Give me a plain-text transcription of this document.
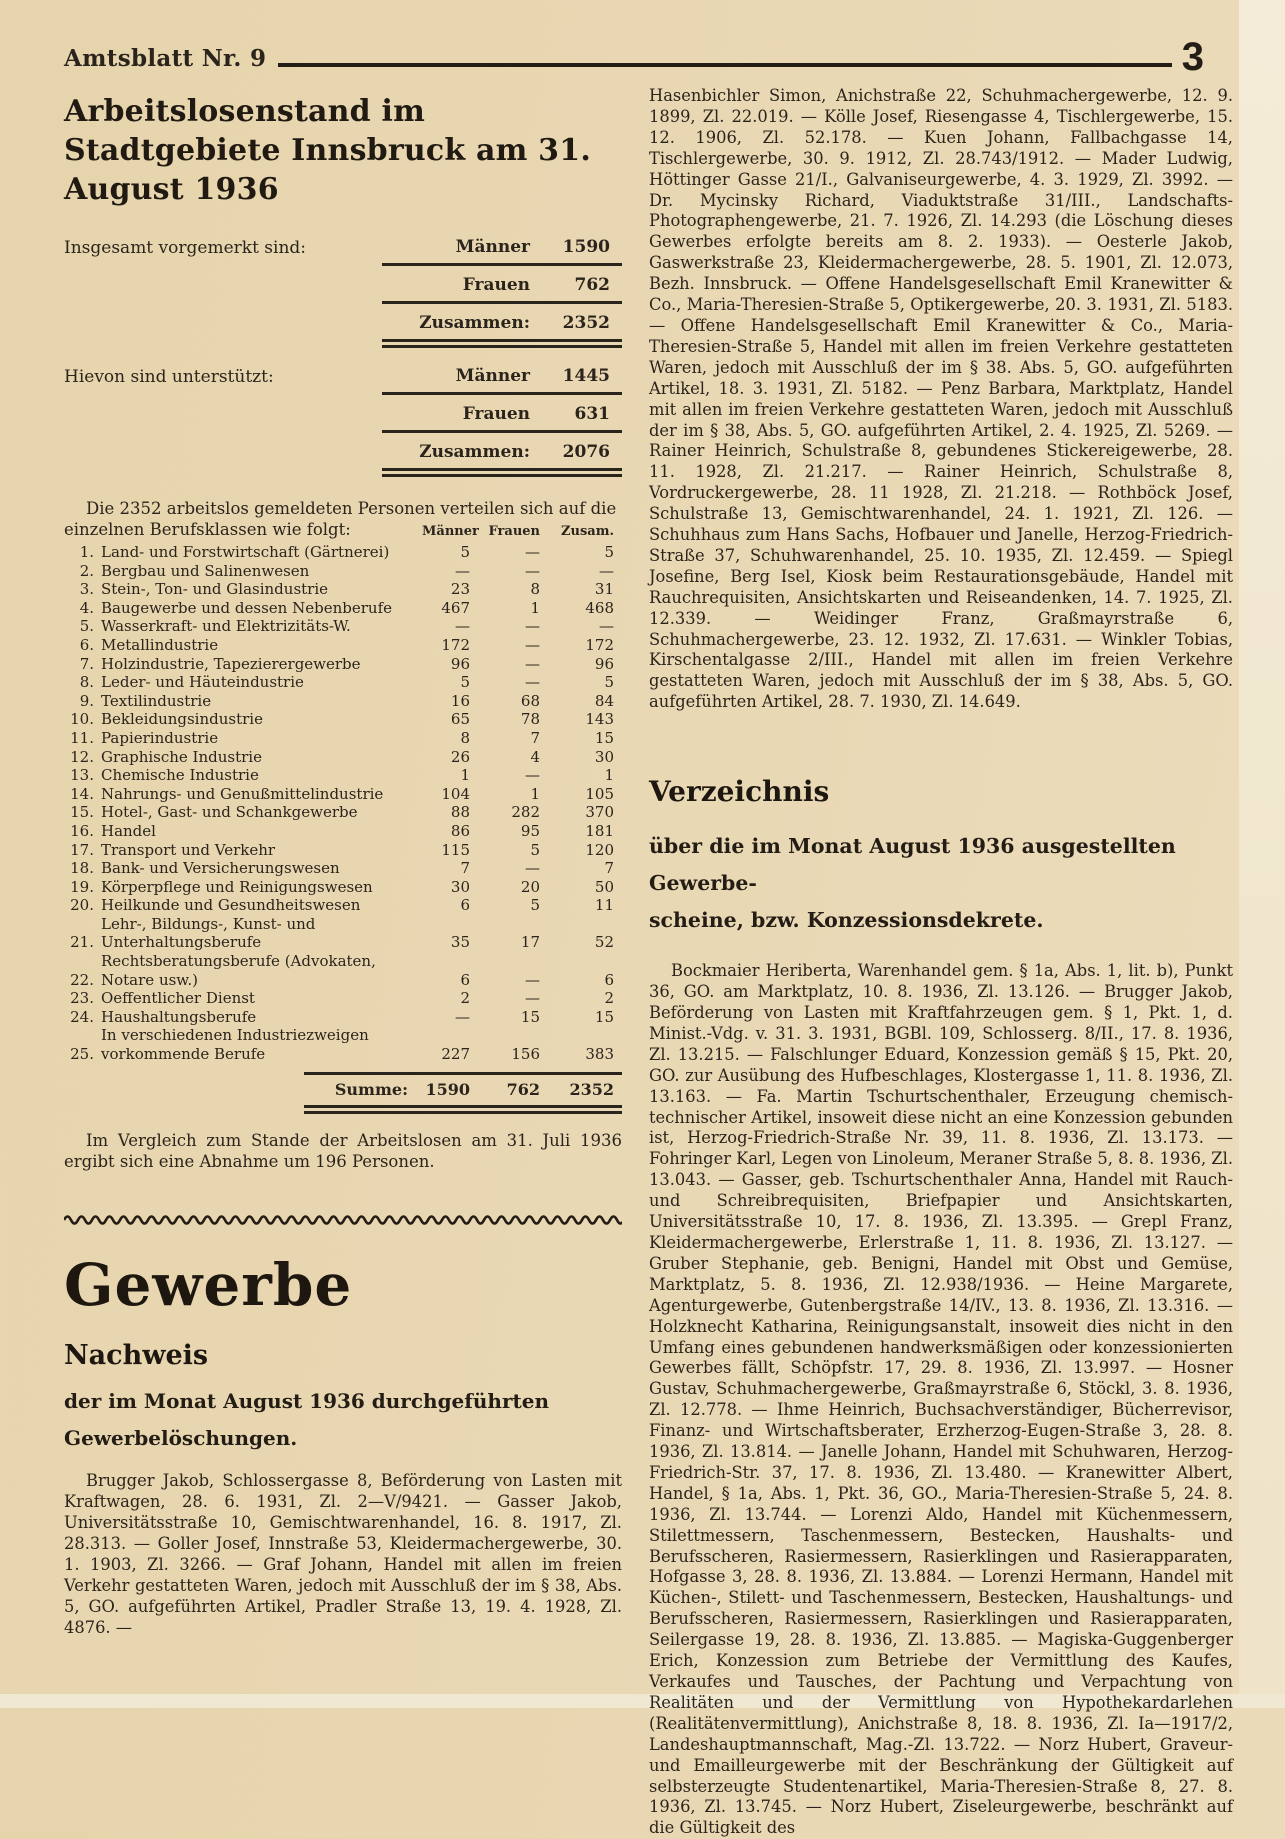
Amtsblatt Nr. 9	3
Arbeitslosenstand im
Stadtgebiete Innsbruck am 31. August 1936
Insgesamt vorgemerkt sind:	Männer 1590
Frauen	762
Zusammen: 2352
Hievon sind unterstützt:	Männer 1445
Frauen	631
Zusammen: 2076

Die 2352 arbeitslos gemeldeten Personen verteilen sich auf die

einzelnen Berufsklassen wie folgt:	Männer Frauen	Zusam.
1. Land- und Forstwirtschaft (Gärtnerei)	5	—	5
2. Bergbau und Salinenwesen	—	—	—
3. Stein-, Ton- und Glasindustrie	23	8	31
4. Baugewerbe und dessen Nebenberufe	467	1	468
5. Wasserkraft- und Elektrizitäts-W.	—	—	—
6. Metallindustrie	172	—	172
7. Holzindustrie, Tapezierergewerbe	96	—	96
8. Leder- und Häuteindustrie	5	—	5
9. Textilindustrie	16	68	84
10. Bekleidungsindustrie	65	78	143
11. Papierindustrie	8	7	15
12. Graphische Industrie	26	4	30
13. Chemische Industrie	1	—	1
14. Nahrungs- und Genußmittelindustrie	104	1	105
15. Hotel-, Gast- und Schankgewerbe	88	282	370
16. Handel	86	95	181
17. Transport und Verkehr	115	5	120
18. Bank- und Versicherungswesen	7	—	7
19. Körperpflege und Reinigungswesen	30	20	50
20. Heilkunde und Gesundheitswesen	6	5	11
21.
Lehr-, Bildungs-, Kunst- und Unterhaltungsberufe	35	17	52
22.
Rechtsberatungsberufe (Advokaten, Notare usw.)	6	—	6
23. Oeffentlicher Dienst	2	—	2
24. Haushaltungsberufe	—	15	15
25.
In verschiedenen Industriezweigen vorkommende Berufe	227	156	383
Summe:	1590	762	2352

Im Vergleich zum Stande der Arbeitslosen am 31. Juli 1936 ergibt sich eine Abnahme um 196 Personen.

Gewerbe
Nachweis
der im Monat August 1936 durchgeführten
Gewerbelöschungen.

Brugger Jakob, Schlossergasse 8, Beförderung von Lasten mit Kraftwagen, 28. 6. 1931, Zl. 2—V/9421. — Gasser Jakob, Universitätsstraße 10, Gemischtwarenhandel, 16. 8. 1917, Zl. 28.313. — Goller Josef, Innstraße 53, Kleidermachergewerbe, 30. 1. 1903, Zl. 3266. — Graf Johann, Handel mit allen im freien Verkehr gestatteten Waren, jedoch mit Ausschluß der im § 38, Abs. 5, GO. aufgeführten Artikel, Pradler Straße 13, 19. 4. 1928, Zl. 4876. —

Hasenbichler Simon, Anichstraße 22, Schuhmachergewerbe, 12. 9. 1899, Zl. 22.019. — Kölle Josef, Riesengasse 4, Tischlergewerbe, 15. 12. 1906, Zl. 52.178. — Kuen Johann, Fallbachgasse 14, Tischlergewerbe, 30. 9. 1912, Zl. 28.743/1912. — Mader Ludwig, Höttinger Gasse 21/I., Galvaniseurgewerbe, 4. 3. 1929, Zl. 3992. — Dr. Mycinsky Richard, Viaduktstraße 31/III., Landschafts-Photographengewerbe, 21. 7. 1926, Zl. 14.293 (die Löschung dieses Gewerbes erfolgte bereits am 8. 2. 1933). — Oesterle Jakob, Gaswerkstraße 23, Kleidermachergewerbe, 28. 5. 1901, Zl. 12.073, Bezh. Innsbruck. — Offene Handelsgesellschaft Emil Kranewitter & Co., Maria-Theresien-Straße 5, Optikergewerbe, 20. 3. 1931, Zl. 5183. — Offene Handelsgesellschaft Emil Kranewitter & Co., Maria-Theresien-Straße 5, Handel mit allen im freien Verkehre gestatteten Waren, jedoch mit Ausschluß der im § 38. Abs. 5, GO. aufgeführten Artikel, 18. 3. 1931, Zl. 5182. — Penz Barbara, Marktplatz, Handel mit allen im freien Verkehre gestatteten Waren, jedoch mit Ausschluß der im § 38, Abs. 5, GO. aufgeführten Artikel, 2. 4. 1925, Zl. 5269. — Rainer Heinrich, Schulstraße 8, gebundenes Stickereigewerbe, 28. 11. 1928, Zl. 21.217. — Rainer Heinrich, Schulstraße 8, Vordruckergewerbe, 28. 11 1928, Zl. 21.218. — Rothböck Josef, Schulstraße 13, Gemischtwarenhandel, 24. 1. 1921, Zl. 126. — Schuhhaus zum Hans Sachs, Hofbauer und Janelle, Herzog-Friedrich-Straße 37, Schuhwarenhandel, 25. 10. 1935, Zl. 12.459. — Spiegl Josefine, Berg Isel, Kiosk beim Restaurationsgebäude, Handel mit Rauchrequisiten, Ansichtskarten und Reiseandenken, 14. 7. 1925, Zl. 12.339. — Weidinger Franz, Graßmayrstraße 6, Schuhmachergewerbe, 23. 12. 1932, Zl. 17.631. — Winkler Tobias, Kirschentalgasse 2/III., Handel mit allen im freien Verkehre gestatteten Waren, jedoch mit Ausschluß der im § 38, Abs. 5, GO. aufgeführten Artikel, 28. 7. 1930, Zl. 14.649.

Verzeichnis
über die im Monat August 1936 ausgestellten Gewerbe-
scheine, bzw. Konzessionsdekrete.

Bockmaier Heriberta, Warenhandel gem. § 1a, Abs. 1, lit. b), Punkt 36, GO. am Marktplatz, 10. 8. 1936, Zl. 13.126. — Brugger Jakob, Beförderung von Lasten mit Kraftfahrzeugen gem. § 1, Pkt. 1, d. Minist.-Vdg. v. 31. 3. 1931, BGBl. 109, Schlosserg. 8/II., 17. 8. 1936, Zl. 13.215. — Falschlunger Eduard, Konzession gemäß § 15, Pkt. 20, GO. zur Ausübung des Hufbeschlages, Klostergasse 1, 11. 8. 1936, Zl. 13.163. — Fa. Martin Tschurtschenthaler, Erzeugung chemisch-technischer Artikel, insoweit diese nicht an eine Konzession gebunden ist, Herzog-Friedrich-Straße Nr. 39, 11. 8. 1936, Zl. 13.173. — Fohringer Karl, Legen von Linoleum, Meraner Straße 5, 8. 8. 1936, Zl. 13.043. — Gasser, geb. Tschurtschenthaler Anna, Handel mit Rauch- und Schreibrequisiten, Briefpapier und Ansichtskarten, Universitätsstraße 10, 17. 8. 1936, Zl. 13.395. — Grepl Franz, Kleidermachergewerbe, Erlerstraße 1, 11. 8. 1936, Zl. 13.127. — Gruber Stephanie, geb. Benigni, Handel mit Obst und Gemüse, Marktplatz, 5. 8. 1936, Zl. 12.938/1936. — Heine Margarete, Agenturgewerbe, Gutenbergstraße 14/IV., 13. 8. 1936, Zl. 13.316. — Holzknecht Katharina, Reinigungsanstalt, insoweit dies nicht in den Umfang eines gebundenen handwerksmäßigen oder konzessionierten Gewerbes fällt, Schöpfstr. 17, 29. 8. 1936, Zl. 13.997. — Hosner Gustav, Schuhmachergewerbe, Graßmayrstraße 6, Stöckl, 3. 8. 1936, Zl. 12.778. — Ihme Heinrich, Buchsachverständiger, Bücherrevisor, Finanz- und Wirtschaftsberater, Erzherzog-Eugen-Straße 3, 28. 8. 1936, Zl. 13.814. — Janelle Johann, Handel mit Schuhwaren, Herzog-Friedrich-Str. 37, 17. 8. 1936, Zl. 13.480. — Kranewitter Albert, Handel, § 1a, Abs. 1, Pkt. 36, GO., Maria-Theresien-Straße 5, 24. 8. 1936, Zl. 13.744. — Lorenzi Aldo, Handel mit Küchenmessern, Stilettmessern, Taschenmessern, Bestecken, Haushalts- und Berufsscheren, Rasiermessern, Rasierklingen und Rasierapparaten, Hofgasse 3, 28. 8. 1936, Zl. 13.884. — Lorenzi Hermann, Handel mit Küchen-, Stilett- und Taschenmessern, Bestecken, Haushaltungs- und Berufsscheren, Rasiermessern, Rasierklingen und Rasierapparaten, Seilergasse 19, 28. 8. 1936, Zl. 13.885. — Magiska-Guggenberger Erich, Konzession zum Betriebe der Vermittlung des Kaufes, Verkaufes und Tausches, der Pachtung und Verpachtung von Realitäten und der Vermittlung von Hypothekardarlehen (Realitätenvermittlung), Anichstraße 8, 18. 8. 1936, Zl. Ia—1917/2, Landeshauptmannschaft, Mag.-Zl. 13.722. — Norz Hubert, Graveur- und Emailleurgewerbe mit der Beschränkung der Gültigkeit auf selbsterzeugte Studentenartikel, Maria-Theresien-Straße 8, 27. 8. 1936, Zl. 13.745. — Norz Hubert, Ziseleurgewerbe, beschränkt auf die Gültigkeit des
